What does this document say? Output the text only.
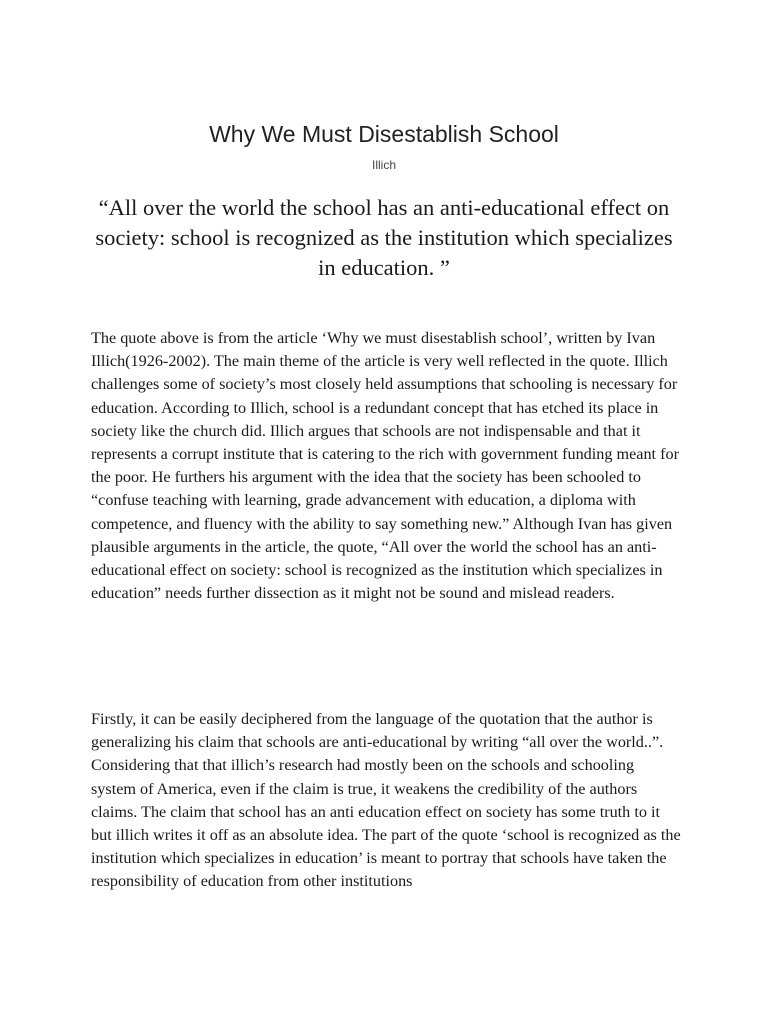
Why We Must Disestablish School
Illich

“All over the world the school has an anti-educational effect on society: school is recognized as the institution which specializes in education. ”

The quote above is from the article ‘Why we must disestablish school’, written by Ivan Illich(1926-2002). The main theme of the article is very well reflected in the quote. Illich challenges some of society’s most closely held assumptions that schooling is necessary for education. According to Illich, school is a redundant concept that has etched its place in society like the church did. Illich argues that schools are not indispensable and that it represents a corrupt institute that is catering to the rich with government funding meant for the poor. He furthers his argument with the idea that the society has been schooled to “confuse teaching with learning, grade advancement with education, a diploma with competence, and fluency with the ability to say something new.” Although Ivan has given plausible arguments in the article, the quote, “All over the world the school has an anti-educational effect on society: school is recognized as the institution which specializes in education” needs further dissection as it might not be sound and mislead readers.

Firstly, it can be easily deciphered from the language of the quotation that the author is generalizing his claim that schools are anti-educational by writing “all over the world..”. Considering that that illich’s research had mostly been on the schools and schooling system of America, even if the claim is true, it weakens the credibility of the authors claims. The claim that school has an anti education effect on society has some truth to it but illich writes it off as an absolute idea. The part of the quote ‘school is recognized as the institution which specializes in education’ is meant to portray that schools have taken the responsibility of education from other institutions
